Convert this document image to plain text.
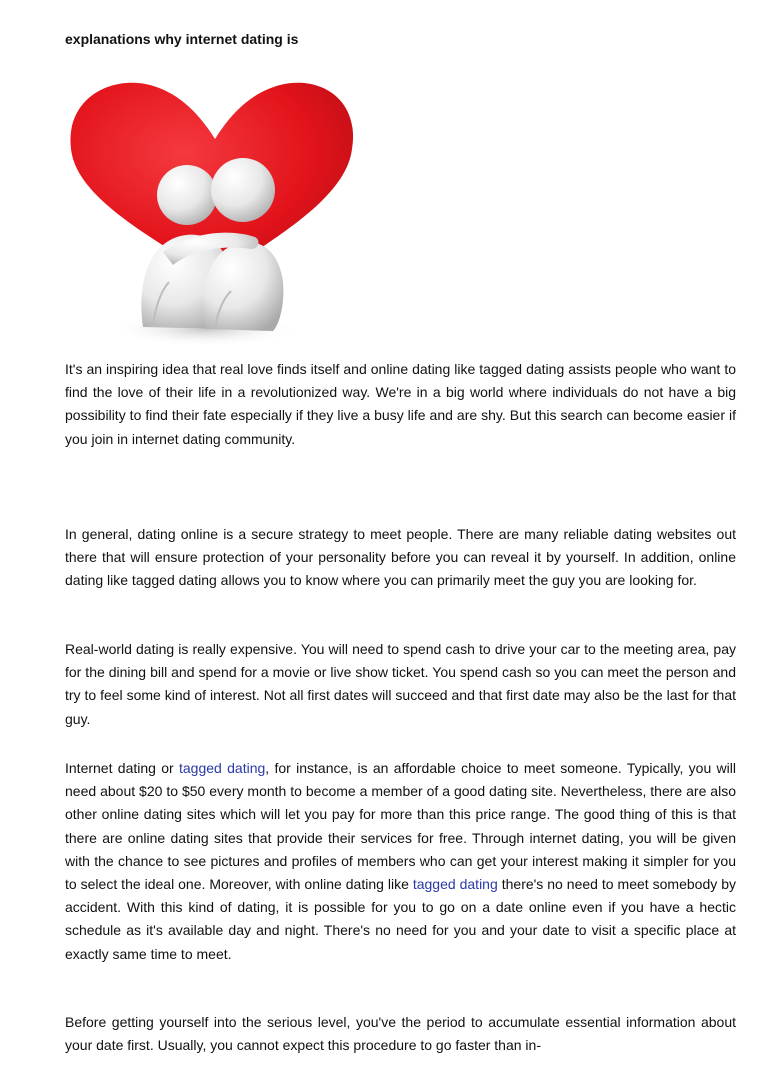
explanations why internet dating is

It's an inspiring idea that real love finds itself and online dating like tagged dating assists people who want to find the love of their life in a revolutionized way. We're in a big world where individuals do not have a big possibility to find their fate especially if they live a busy life and are shy. But this search can become easier if you join in internet dating community.

In general, dating online is a secure strategy to meet people. There are many reliable dating websites out there that will ensure protection of your personality before you can reveal it by yourself. In addition, online dating like tagged dating allows you to know where you can primarily meet the guy you are looking for.

Real-world dating is really expensive. You will need to spend cash to drive your car to the meeting area, pay for the dining bill and spend for a movie or live show ticket. You spend cash so you can meet the person and try to feel some kind of interest. Not all first dates will succeed and that first date may also be the last for that guy.

Internet dating or tagged dating, for instance, is an affordable choice to meet someone. Typically, you will need about $20 to $50 every month to become a member of a good dating site. Nevertheless, there are also other online dating sites which will let you pay for more than this price range. The good thing of this is that there are online dating sites that provide their services for free. Through internet dating, you will be given with the chance to see pictures and profiles of members who can get your interest making it simpler for you to select the ideal one. Moreover, with online dating like tagged dating there's no need to meet somebody by accident. With this kind of dating, it is possible for you to go on a date online even if you have a hectic schedule as it's available day and night. There's no need for you and your date to visit a specific place at exactly same time to meet.

Before getting yourself into the serious level, you've the period to accumulate essential information about your date first. Usually, you cannot expect this procedure to go faster than in-
